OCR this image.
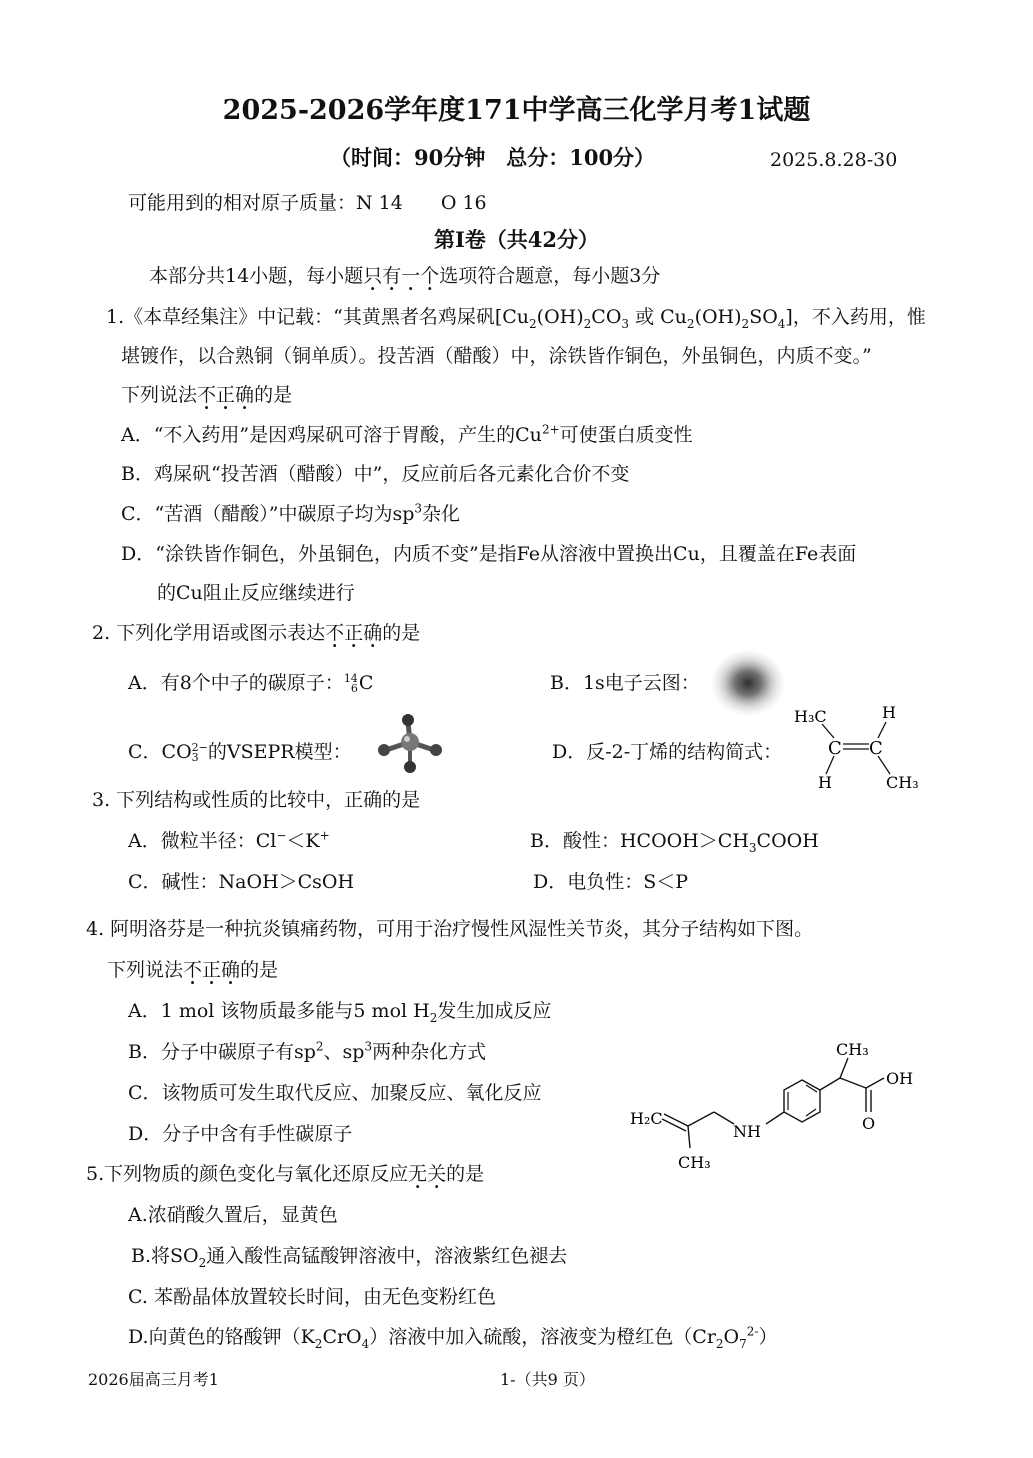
2025-2026学年度171中学高三化学月考1试题
（时间：90分钟　总分：100分）	2025.8.28-30
可能用到的相对原子质量：N 14　　O 16
第Ⅰ卷（共42分）
本部分共14小题，每小题只有一个选项符合题意，每小题3分
1.《本草经集注》中记载：“其黄黑者名鸡屎矾[$Cu_2(OH)_2CO_3$ 或 $Cu_2(OH)_2SO_4$]，不入药用，惟
堪镀作，以合熟铜（铜单质）。投苦酒（醋酸）中，涂铁皆作铜色，外虽铜色，内质不变。”
下列说法不正确的是
A．“不入药用”是因鸡屎矾可溶于胃酸，产生的$Cu^{2+}$可使蛋白质变性
B．鸡屎矾“投苦酒（醋酸）中”，反应前后各元素化合价不变
C．“苦酒（醋酸）”中碳原子均为$sp^3$杂化
D．“涂铁皆作铜色，外虽铜色，内质不变”是指Fe从溶液中置换出Cu，且覆盖在Fe表面
的Cu阻止反应继续进行
2. 下列化学用语或图示表达不正确的是
A．有8个中子的碳原子： 14
6 C	B．1s电子云图：
C．CO 2−
3 的VSEPR模型：	D．反-2-丁烯的结构简式：
H₃C	H
C C
H	CH₃
3. 下列结构或性质的比较中，正确的是
A．微粒半径：Cl−＜K+	B．酸性：$HCOOH>CH_3COOH$
C．碱性：NaOH＞CsOH	D．电负性：S＜P
4. 阿明洛芬是一种抗炎镇痛药物，可用于治疗慢性风湿性关节炎，其分子结构如下图。
下列说法不正确的是
A．1 mol 该物质最多能与5 mol $H_2$发生加成反应
B．分子中碳原子有$sp^2$、$sp^3$两种杂化方式
C．该物质可发生取代反应、加聚反应、氧化反应
D．分子中含有手性碳原子
CH₃
OH
O
H₂C
NH
CH₃
5.下列物质的颜色变化与氧化还原反应无关的是
A.浓硝酸久置后，显黄色
B.将$SO_2$通入酸性高锰酸钾溶液中，溶液紫红色褪去
C. 苯酚晶体放置较长时间，由无色变粉红色
D.向黄色的铬酸钾$(K_2CrO_4)$溶液中加入硫酸，溶液变为橙红色$(Cr_2O_7^{2-})$
2026届高三月考1	1-（共9 页）
